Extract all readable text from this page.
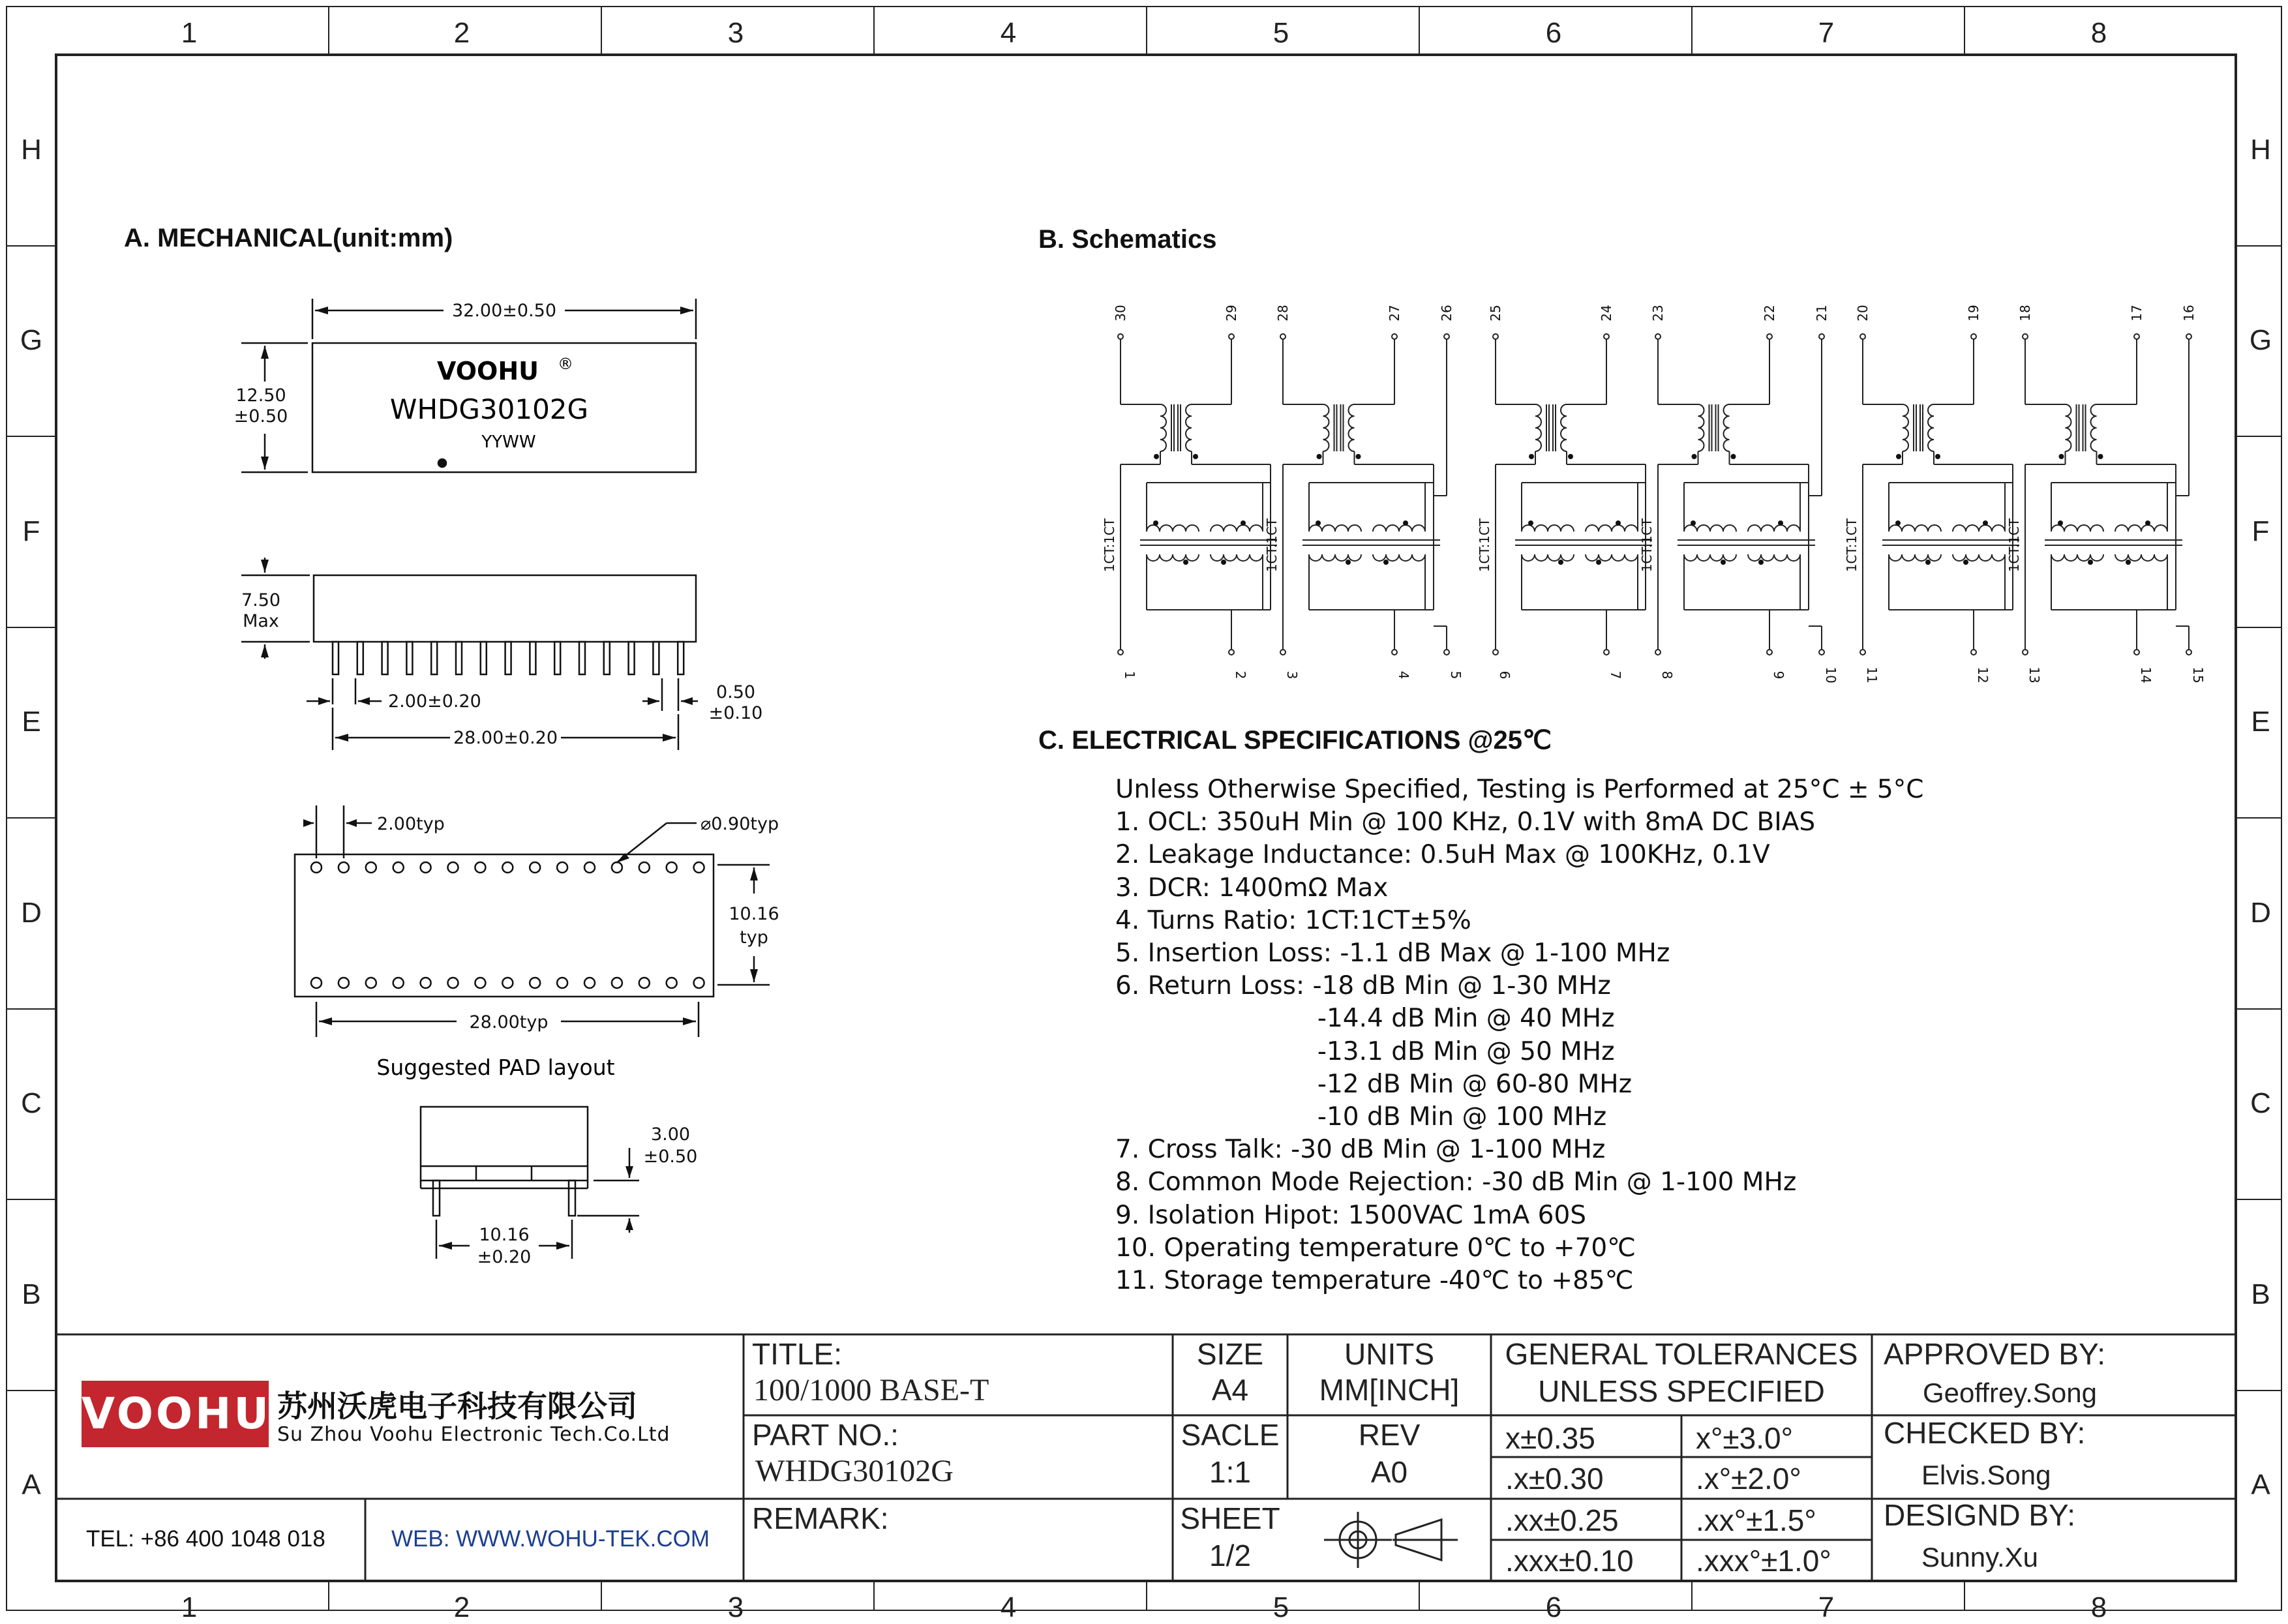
1
1
2
2
3
3
4
4
5
5
6
6
7
7
8
8
H	H
G	G
F	F
E	E
D	D
C	C
B	B
A	A
A. MECHANICAL(unit:mm)
32.00±0.50
12.50
±0.50
VOOHU ®
WHDG30102G
YYWW
7.50
Max
2.00±0.20	0.50
±0.10
28.00±0.20
2.00typ	⌀0.90typ
10.16
typ
28.00typ
Suggested PAD layout
3.00
±0.50
10.16
±0.20
B. Schematics
30
1
29
2
28
3
27
4
26
5
1CT:1CT	1CT:1CT
25
6
24
7
23
8
22
9
21
10
1CT:1CT	1CT:1CT
20
11
19
12
18
13
17
14
16
15
1CT:1CT	1CT:1CT
C. ELECTRICAL SPECIFICATIONS @25℃
Unless Otherwise Specified, Testing is Performed at 25°C ± 5°C
1. OCL: 350uH Min @ 100 KHz, 0.1V with 8mA DC BIAS
2. Leakage Inductance: 0.5uH Max @ 100KHz, 0.1V
3. DCR: 1400mΩ Max
4. Turns Ratio: 1CT:1CT±5%
5. Insertion Loss: -1.1 dB Max @ 1-100 MHz
6. Return Loss: -18 dB Min @ 1-30 MHz
-14.4 dB Min @ 40 MHz
-13.1 dB Min @ 50 MHz
-12 dB Min @ 60-80 MHz
-10 dB Min @ 100 MHz
7. Cross Talk: -30 dB Min @ 1-100 MHz
8. Common Mode Rejection: -30 dB Min @ 1-100 MHz
9. Isolation Hipot: 1500VAC 1mA 60S
10. Operating temperature 0℃ to +70℃
11. Storage temperature -40℃ to +85℃
VOOHU 苏州沃虎电子科技有限公司
Su Zhou Voohu Electronic Tech.Co.Ltd
TEL: +86 400 1048 018	WEB: WWW.WOHU-TEK.COM
TITLE:
100/1000 BASE-T
PART NO.:
WHDG30102G
REMARK:
SIZE
A4
UNITS
MM[INCH]
SACLE
1:1
REV
A0
SHEET
1/2
GENERAL TOLERANCES
UNLESS SPECIFIED
x±0.35	x°±3.0°
.x±0.30	.x°±2.0°
.xx±0.25	.xx°±1.5°
.xxx±0.10 .xxx°±1.0°
APPROVED BY:
Geoffrey.Song
CHECKED BY:
Elvis.Song
DESIGND BY:
Sunny.Xu
